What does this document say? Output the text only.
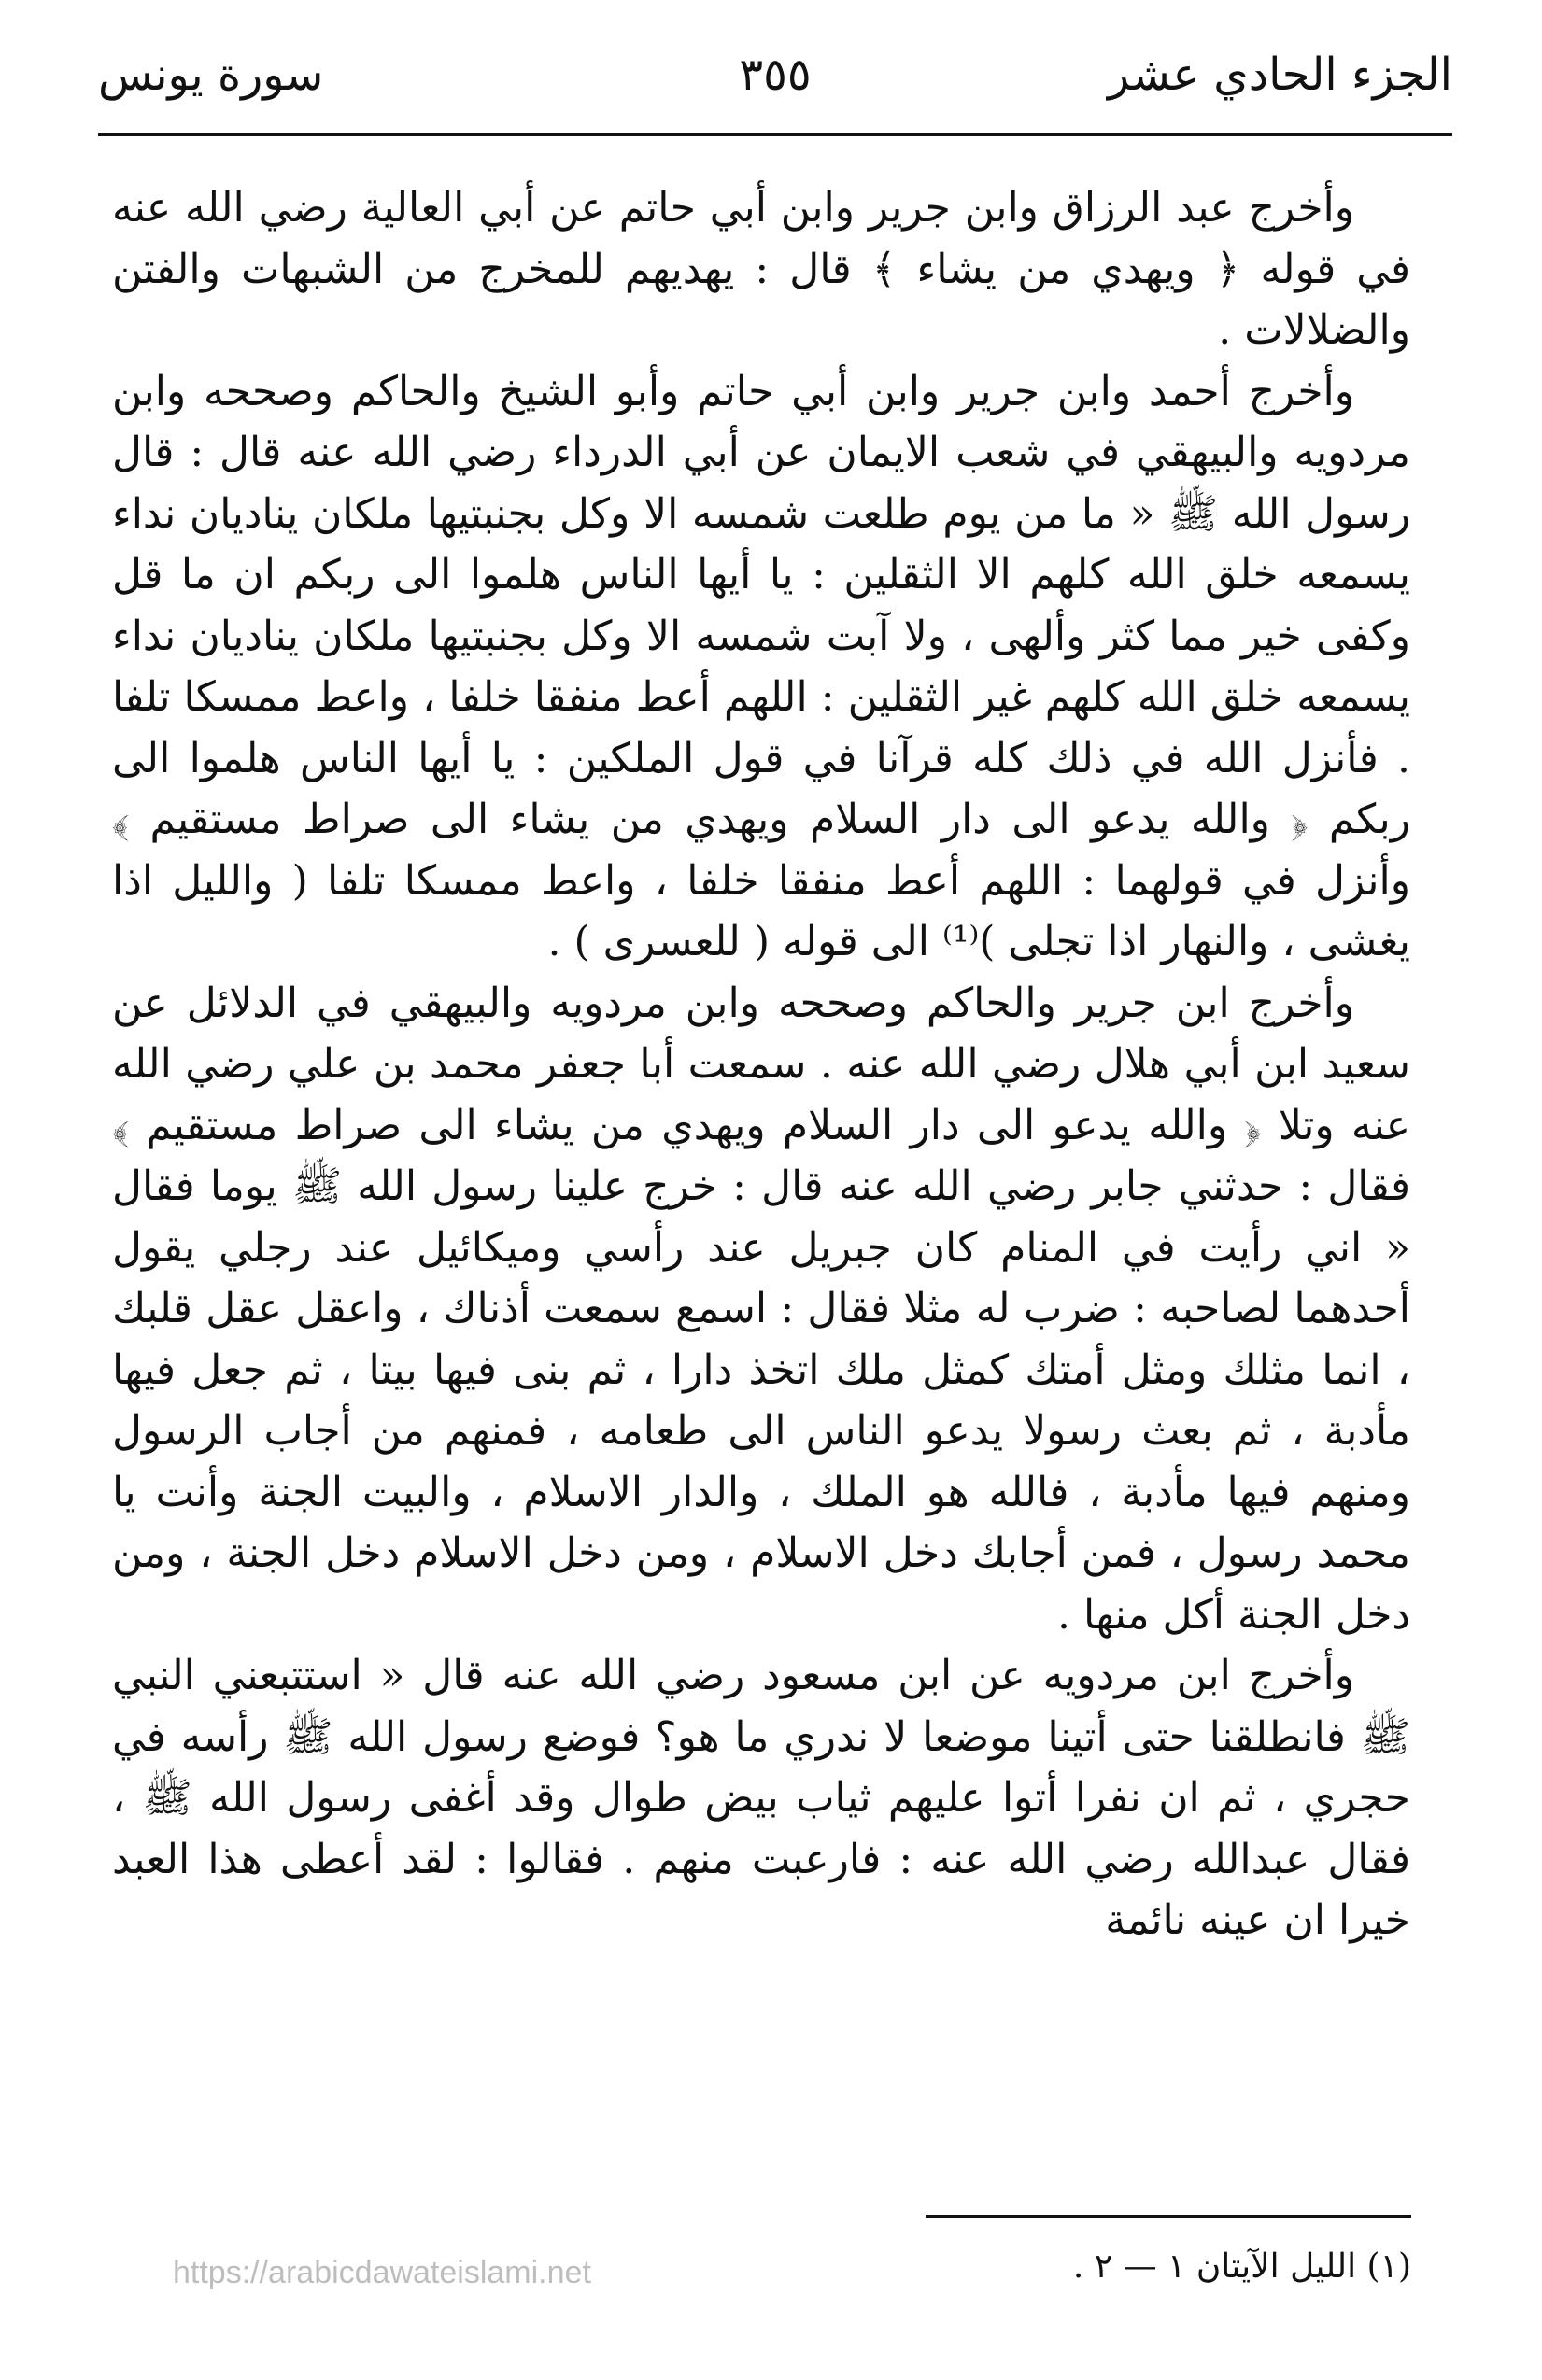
الجزء الحادي عشر
٣٥٥
سورة يونس

وأخرج عبد الرزاق وابن جرير وابن أبي حاتم عن أبي العالية رضي الله عنه في قوله ﴿ ويهدي من يشاء ﴾ قال : يهديهم للمخرج من الشبهات والفتن والضلالات .

وأخرج أحمد وابن جرير وابن أبي حاتم وأبو الشيخ والحاكم وصححه وابن مردويه والبيهقي في شعب الايمان عن أبي الدرداء رضي الله عنه قال : قال رسول الله ﷺ « ما من يوم طلعت شمسه الا وكل بجنبتيها ملكان يناديان نداء يسمعه خلق الله كلهم الا الثقلين : يا أيها الناس هلموا الى ربكم ان ما قل وكفى خير مما كثر وألهى ، ولا آبت شمسه الا وكل بجنبتيها ملكان يناديان نداء يسمعه خلق الله كلهم غير الثقلين : اللهم أعط منفقا خلفا ، واعط ممسكا تلفا . فأنزل الله في ذلك كله قرآنا في قول الملكين : يا أيها الناس هلموا الى ربكم ﴿ والله يدعو الى دار السلام ويهدي من يشاء الى صراط مستقيم ﴾ وأنزل في قولهما : اللهم أعط منفقا خلفا ، واعط ممسكا تلفا ( والليل اذا يغشى ، والنهار اذا تجلى )⁽¹⁾ الى قوله ( للعسرى ) .

وأخرج ابن جرير والحاكم وصححه وابن مردويه والبيهقي في الدلائل عن سعيد ابن أبي هلال رضي الله عنه . سمعت أبا جعفر محمد بن علي رضي الله عنه وتلا ﴿ والله يدعو الى دار السلام ويهدي من يشاء الى صراط مستقيم ﴾ فقال : حدثني جابر رضي الله عنه قال : خرج علينا رسول الله ﷺ يوما فقال « اني رأيت في المنام كان جبريل عند رأسي وميكائيل عند رجلي يقول أحدهما لصاحبه : ضرب له مثلا فقال : اسمع سمعت أذناك ، واعقل عقل قلبك ، انما مثلك ومثل أمتك كمثل ملك اتخذ دارا ، ثم بنى فيها بيتا ، ثم جعل فيها مأدبة ، ثم بعث رسولا يدعو الناس الى طعامه ، فمنهم من أجاب الرسول ومنهم فيها مأدبة ، فالله هو الملك ، والدار الاسلام ، والبيت الجنة وأنت يا محمد رسول ، فمن أجابك دخل الاسلام ، ومن دخل الاسلام دخل الجنة ، ومن دخل الجنة أكل منها .

وأخرج ابن مردويه عن ابن مسعود رضي الله عنه قال « استتبعني النبي ﷺ فانطلقنا حتى أتينا موضعا لا ندري ما هو؟ فوضع رسول الله ﷺ رأسه في حجري ، ثم ان نفرا أتوا عليهم ثياب بيض طوال وقد أغفى رسول الله ﷺ ، فقال عبدالله رضي الله عنه : فارعبت منهم . فقالوا : لقد أعطى هذا العبد خيرا ان عينه نائمة

(١) الليل الآيتان ١ — ٢ .
https://arabicdawateislami.net
